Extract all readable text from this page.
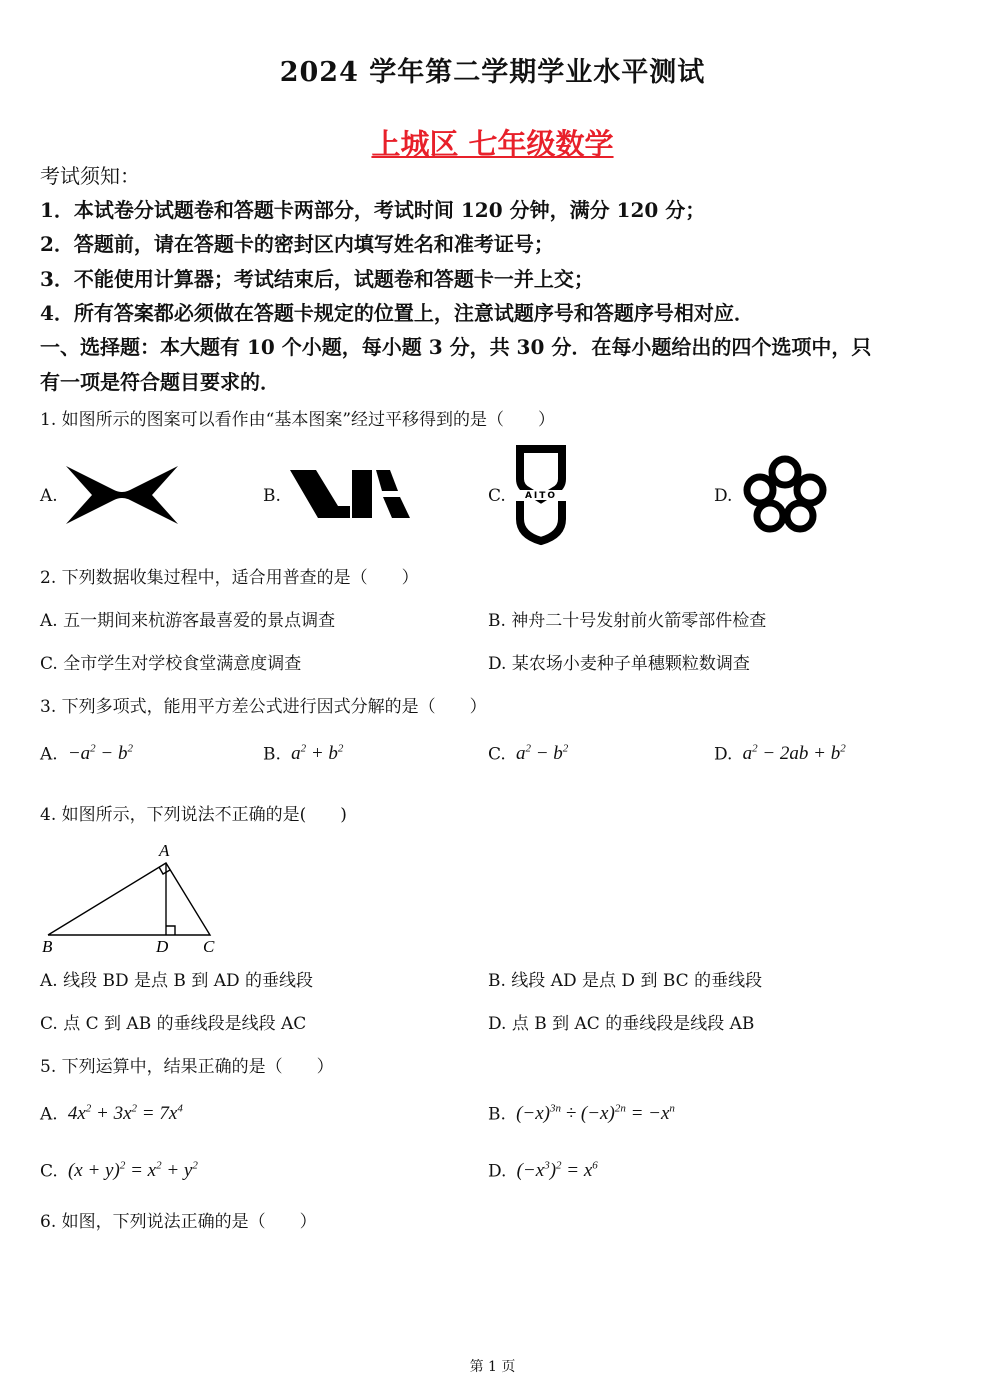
2024 学年第二学期学业水平测试
上城区 七年级数学
考试须知：
1．本试卷分试题卷和答题卡两部分，考试时间 120 分钟，满分 120 分；
2．答题前，请在答题卡的密封区内填写姓名和准考证号；
3．不能使用计算器；考试结束后，试题卷和答题卡一并上交；
4．所有答案都必须做在答题卡规定的位置上，注意试题序号和答题序号相对应．
一、选择题：本大题有 10 个小题，每小题 3 分，共 30 分．在每小题给出的四个选项中，只
有一项是符合题目要求的．
1. 如图所示的图案可以看作由“基本图案”经过平移得到的是（　　）
A.	B.	C. AITO	D.
2. 下列数据收集过程中，适合用普查的是（　　）
A. 五一期间来杭游客最喜爱的景点调查	B. 神舟二十号发射前火箭零部件检查
C. 全市学生对学校食堂满意度调查	D. 某农场小麦种子单穗颗粒数调查
3. 下列多项式，能用平方差公式进行因式分解的是（　　）
A.  $-a^2 - b^2$	B.  $a^2 + b^2$	C.  $a^2 - b^2$	D.  $a^2 - 2ab + b^2$
4. 如图所示，下列说法不正确的是(　　)
A
B	D C
A. 线段 BD 是点 B 到 AD 的垂线段	B. 线段 AD 是点 D 到 BC 的垂线段
C. 点 C 到 AB 的垂线段是线段 AC	D. 点 B 到 AC 的垂线段是线段 AB
5. 下列运算中，结果正确的是（　　）
A.  $4x^2 + 3x^2 = 7x^4$	B.  $(-x)^{3n} \div (-x)^{2n} = -x^n$
C.  $(x + y)^2 = x^2 + y^2$	D.  $(-x^3)^2 = x^6$
6. 如图，下列说法正确的是（　　）
第 1 页
